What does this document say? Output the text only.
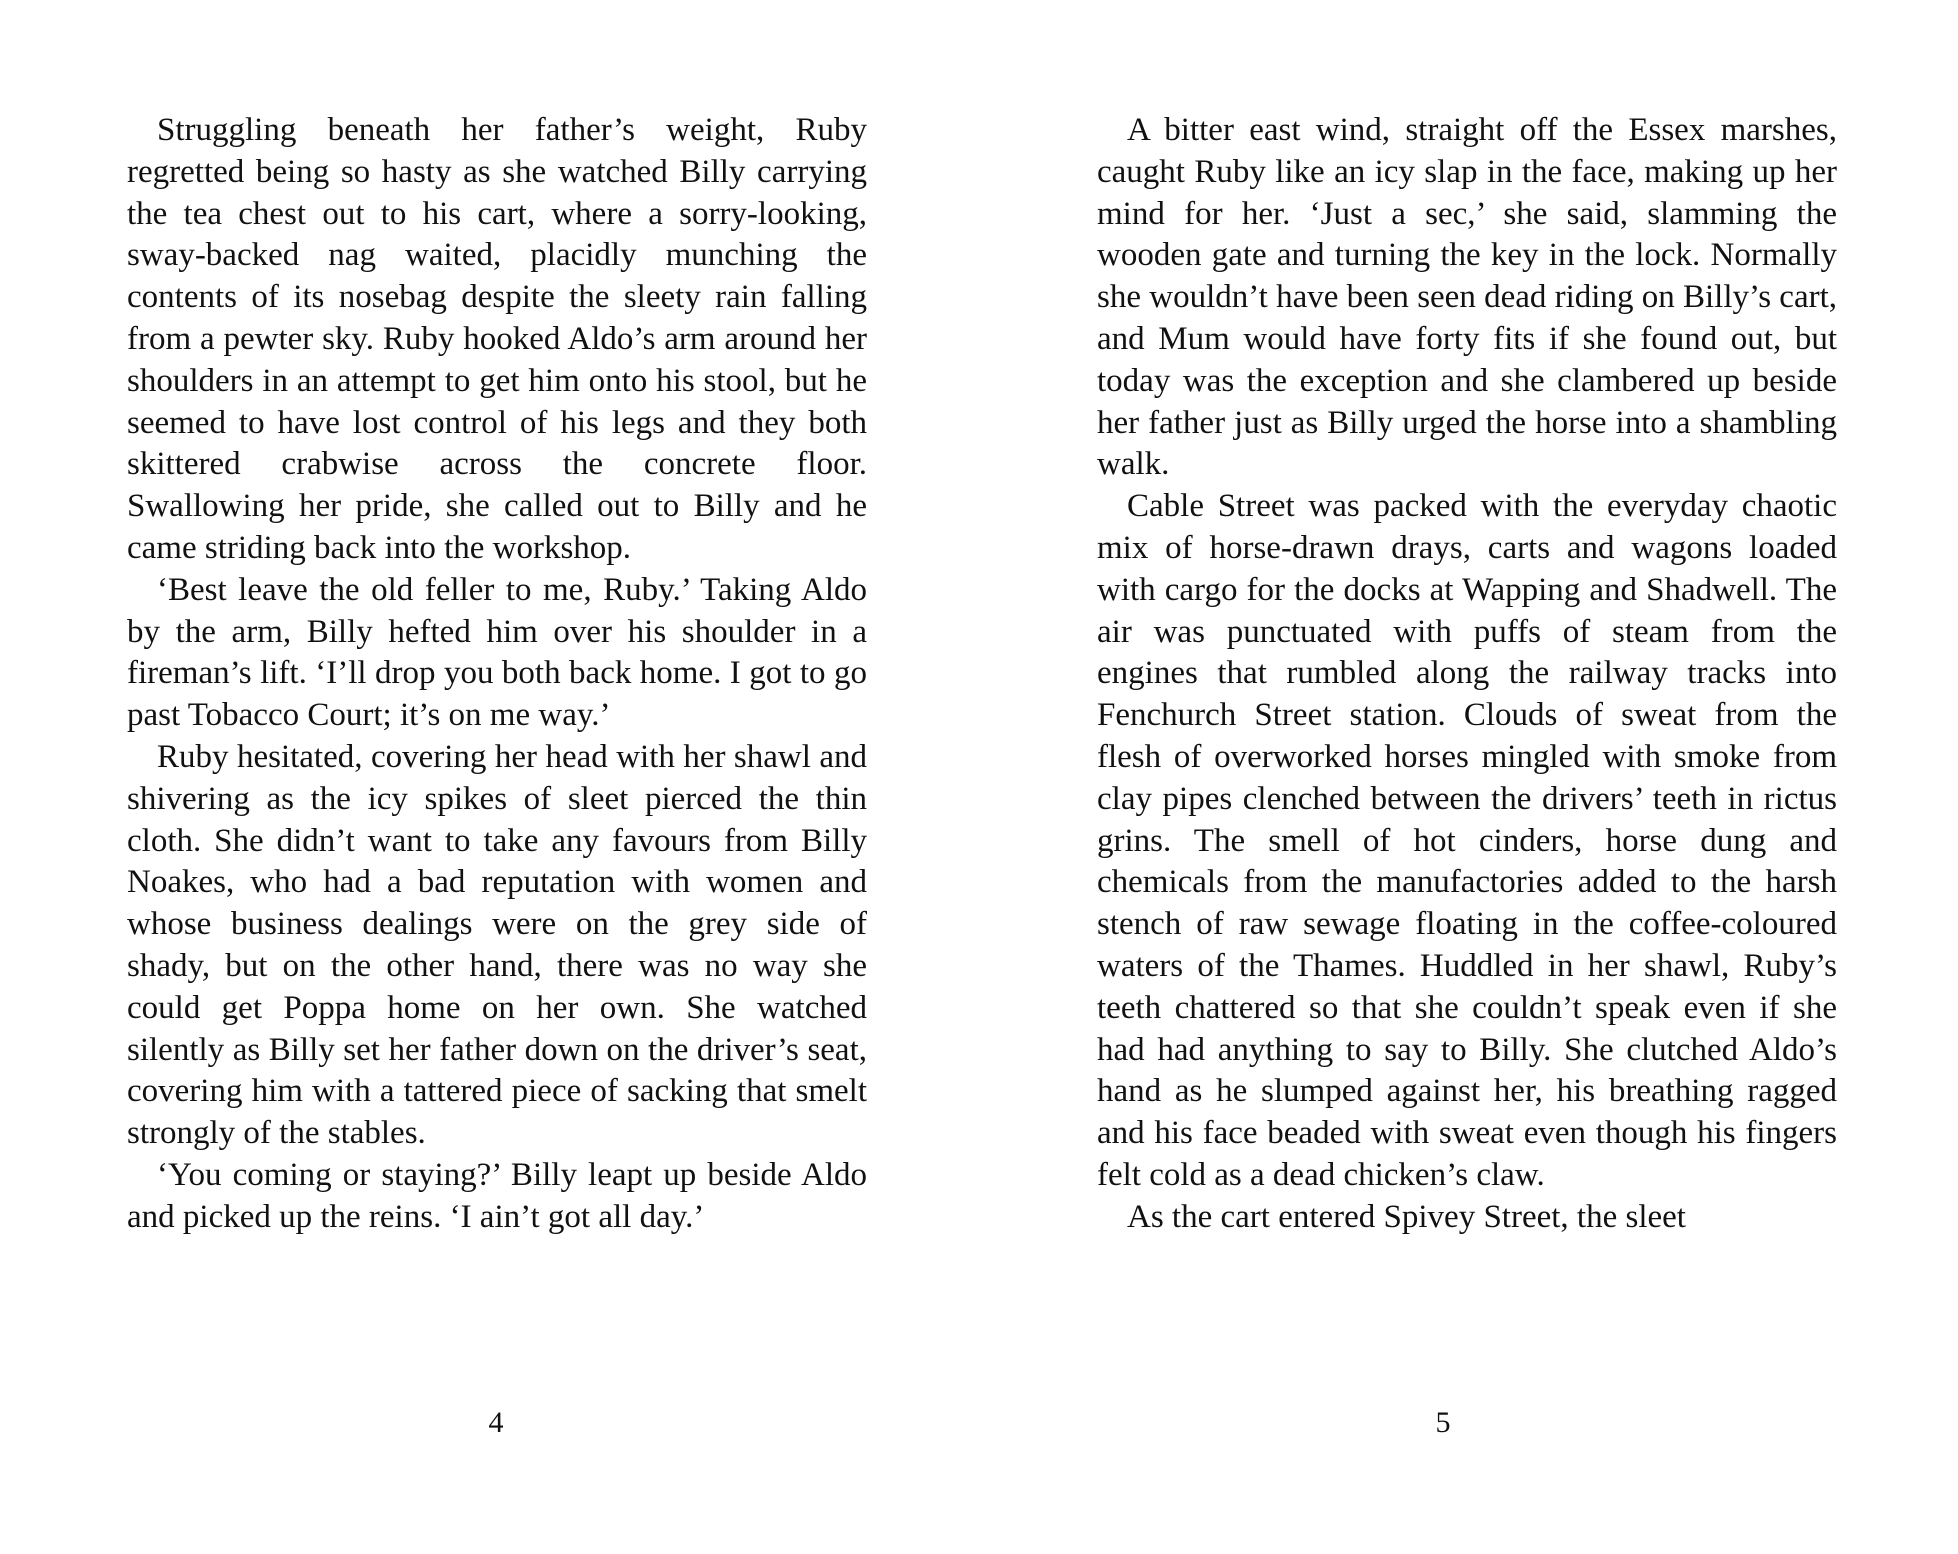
Struggling beneath her father’s weight, Ruby regretted being so hasty as she watched Billy carrying the tea chest out to his cart, where a sorry-looking, sway-backed nag waited, placidly munching the contents of its nosebag despite the sleety rain falling from a pewter sky. Ruby hooked Aldo’s arm around her shoulders in an attempt to get him onto his stool, but he seemed to have lost control of his legs and they both skittered crabwise across the concrete floor. Swallowing her pride, she called out to Billy and he came striding back into the workshop.

‘Best leave the old feller to me, Ruby.’ Taking Aldo by the arm, Billy hefted him over his shoulder in a fireman’s lift. ‘I’ll drop you both back home. I got to go past Tobacco Court; it’s on me way.’

Ruby hesitated, covering her head with her shawl and shivering as the icy spikes of sleet pierced the thin cloth. She didn’t want to take any favours from Billy Noakes, who had a bad reputation with women and whose business dealings were on the grey side of shady, but on the other hand, there was no way she could get Poppa home on her own. She watched silently as Billy set her father down on the driver’s seat, covering him with a tattered piece of sacking that smelt strongly of the stables.

‘You coming or staying?’ Billy leapt up beside Aldo and picked up the reins. ‘I ain’t got all day.’

4

A bitter east wind, straight off the Essex marshes, caught Ruby like an icy slap in the face, making up her mind for her. ‘Just a sec,’ she said, slamming the wooden gate and turning the key in the lock. Normally she wouldn’t have been seen dead riding on Billy’s cart, and Mum would have forty fits if she found out, but today was the exception and she clambered up beside her father just as Billy urged the horse into a shambling walk.

Cable Street was packed with the everyday chaotic mix of horse-drawn drays, carts and wagons loaded with cargo for the docks at Wapping and Shadwell. The air was punctuated with puffs of steam from the engines that rumbled along the railway tracks into Fenchurch Street station. Clouds of sweat from the flesh of overworked horses mingled with smoke from clay pipes clenched between the drivers’ teeth in rictus grins. The smell of hot cinders, horse dung and chemicals from the manufactories added to the harsh stench of raw sewage floating in the coffee-coloured waters of the Thames. Huddled in her shawl, Ruby’s teeth chattered so that she couldn’t speak even if she had had anything to say to Billy. She clutched Aldo’s hand as he slumped against her, his breathing ragged and his face beaded with sweat even though his fingers felt cold as a dead chicken’s claw.

As the cart entered Spivey Street, the sleet

5
